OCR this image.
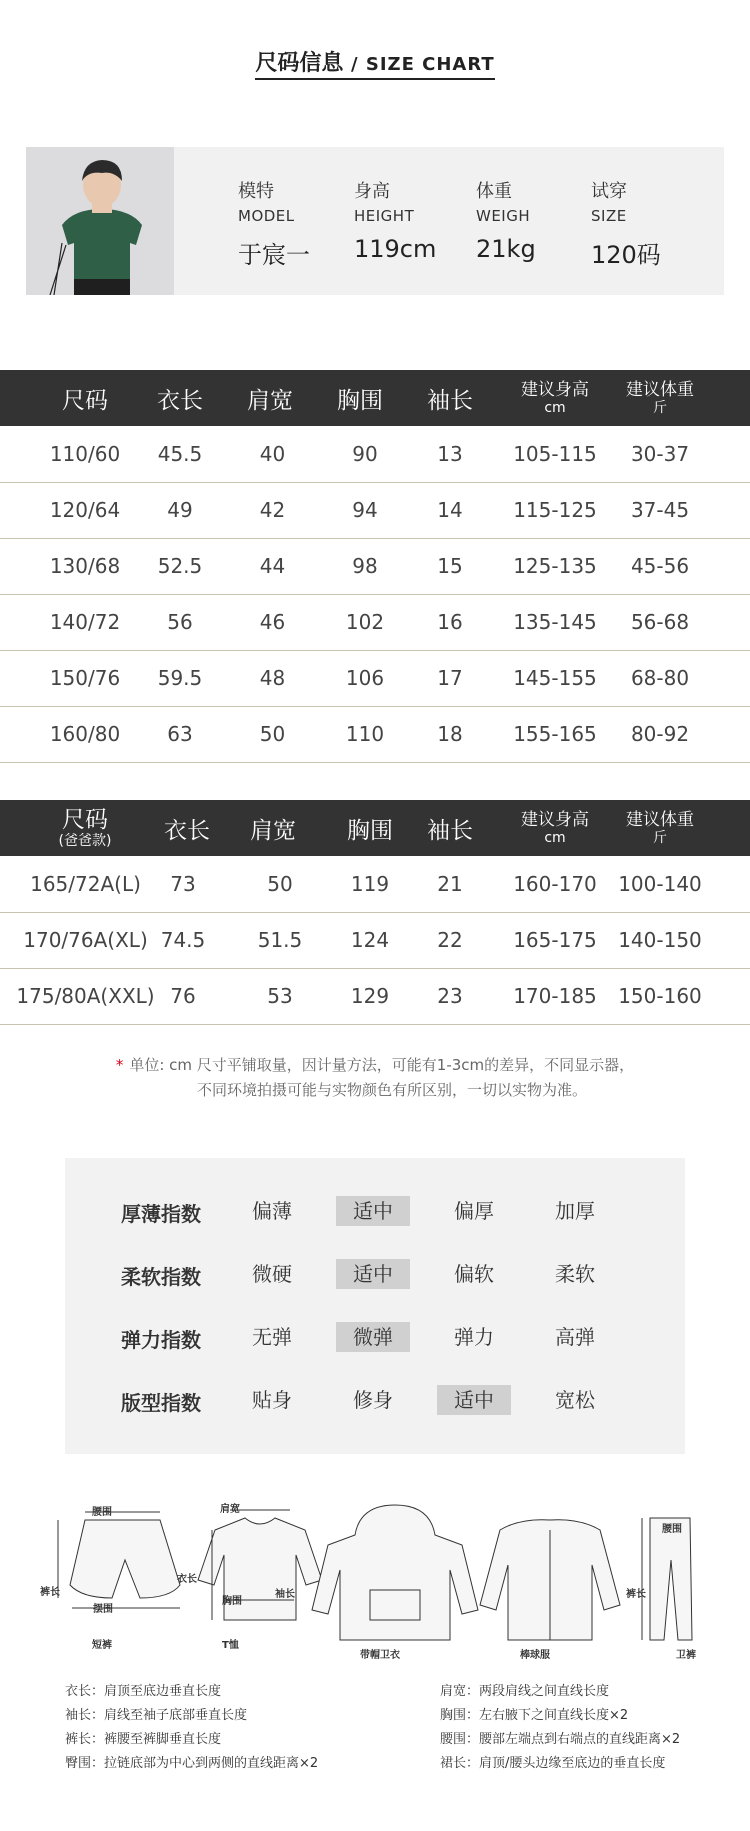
尺码信息 / SIZE CHART
模特
MODEL
于宸一
身高
HEIGHT
119cm
体重
WEIGH
21kg
试穿
SIZE
120码
尺码 衣长 肩宽 胸围 袖长	建议身高
cm
建议体重
斤
110/60	45.5	40	90	13	105-115	30-37
120/64	49	42	94	14	115-125	37-45
130/68	52.5	44	98	15	125-135	45-56
140/72	56	46	102	16	135-145	56-68
150/76	59.5	48	106	17	145-155	68-80
160/80	63	50	110	18	155-165	80-92
尺码
(爸爸款) 衣长 肩宽 胸围 袖长	建议身高
cm
建议体重
斤
165/72A(L)	73	50	119	21	160-170	100-140
170/76A(XL) 74.5	51.5	124	22	165-175	140-150
175/80A(XXL) 76	53	129	23	170-185	150-160
* 单位: cm 尺寸平铺取量，因计量方法，可能有1-3cm的差异，不同显示器，
不同环境拍摄可能与实物颜色有所区别，一切以实物为准。
厚薄指数	偏薄	适中	偏厚	加厚
柔软指数	微硬	适中	偏软	柔软
弹力指数	无弹	微弹	弹力	高弹
版型指数	贴身	修身	适中	宽松
腰围
裤长
摆围
短裤
肩宽
衣长
袖长
胸围
T恤
带帽卫衣	棒球服
腰围
裤长
卫裤
衣长：肩顶至底边垂直长度
袖长：肩线至袖子底部垂直长度
裤长：裤腰至裤脚垂直长度
臀围：拉链底部为中心到两侧的直线距离×2
肩宽：两段肩线之间直线长度
胸围：左右腋下之间直线长度×2
腰围：腰部左端点到右端点的直线距离×2
裙长：肩顶/腰头边缘至底边的垂直长度
